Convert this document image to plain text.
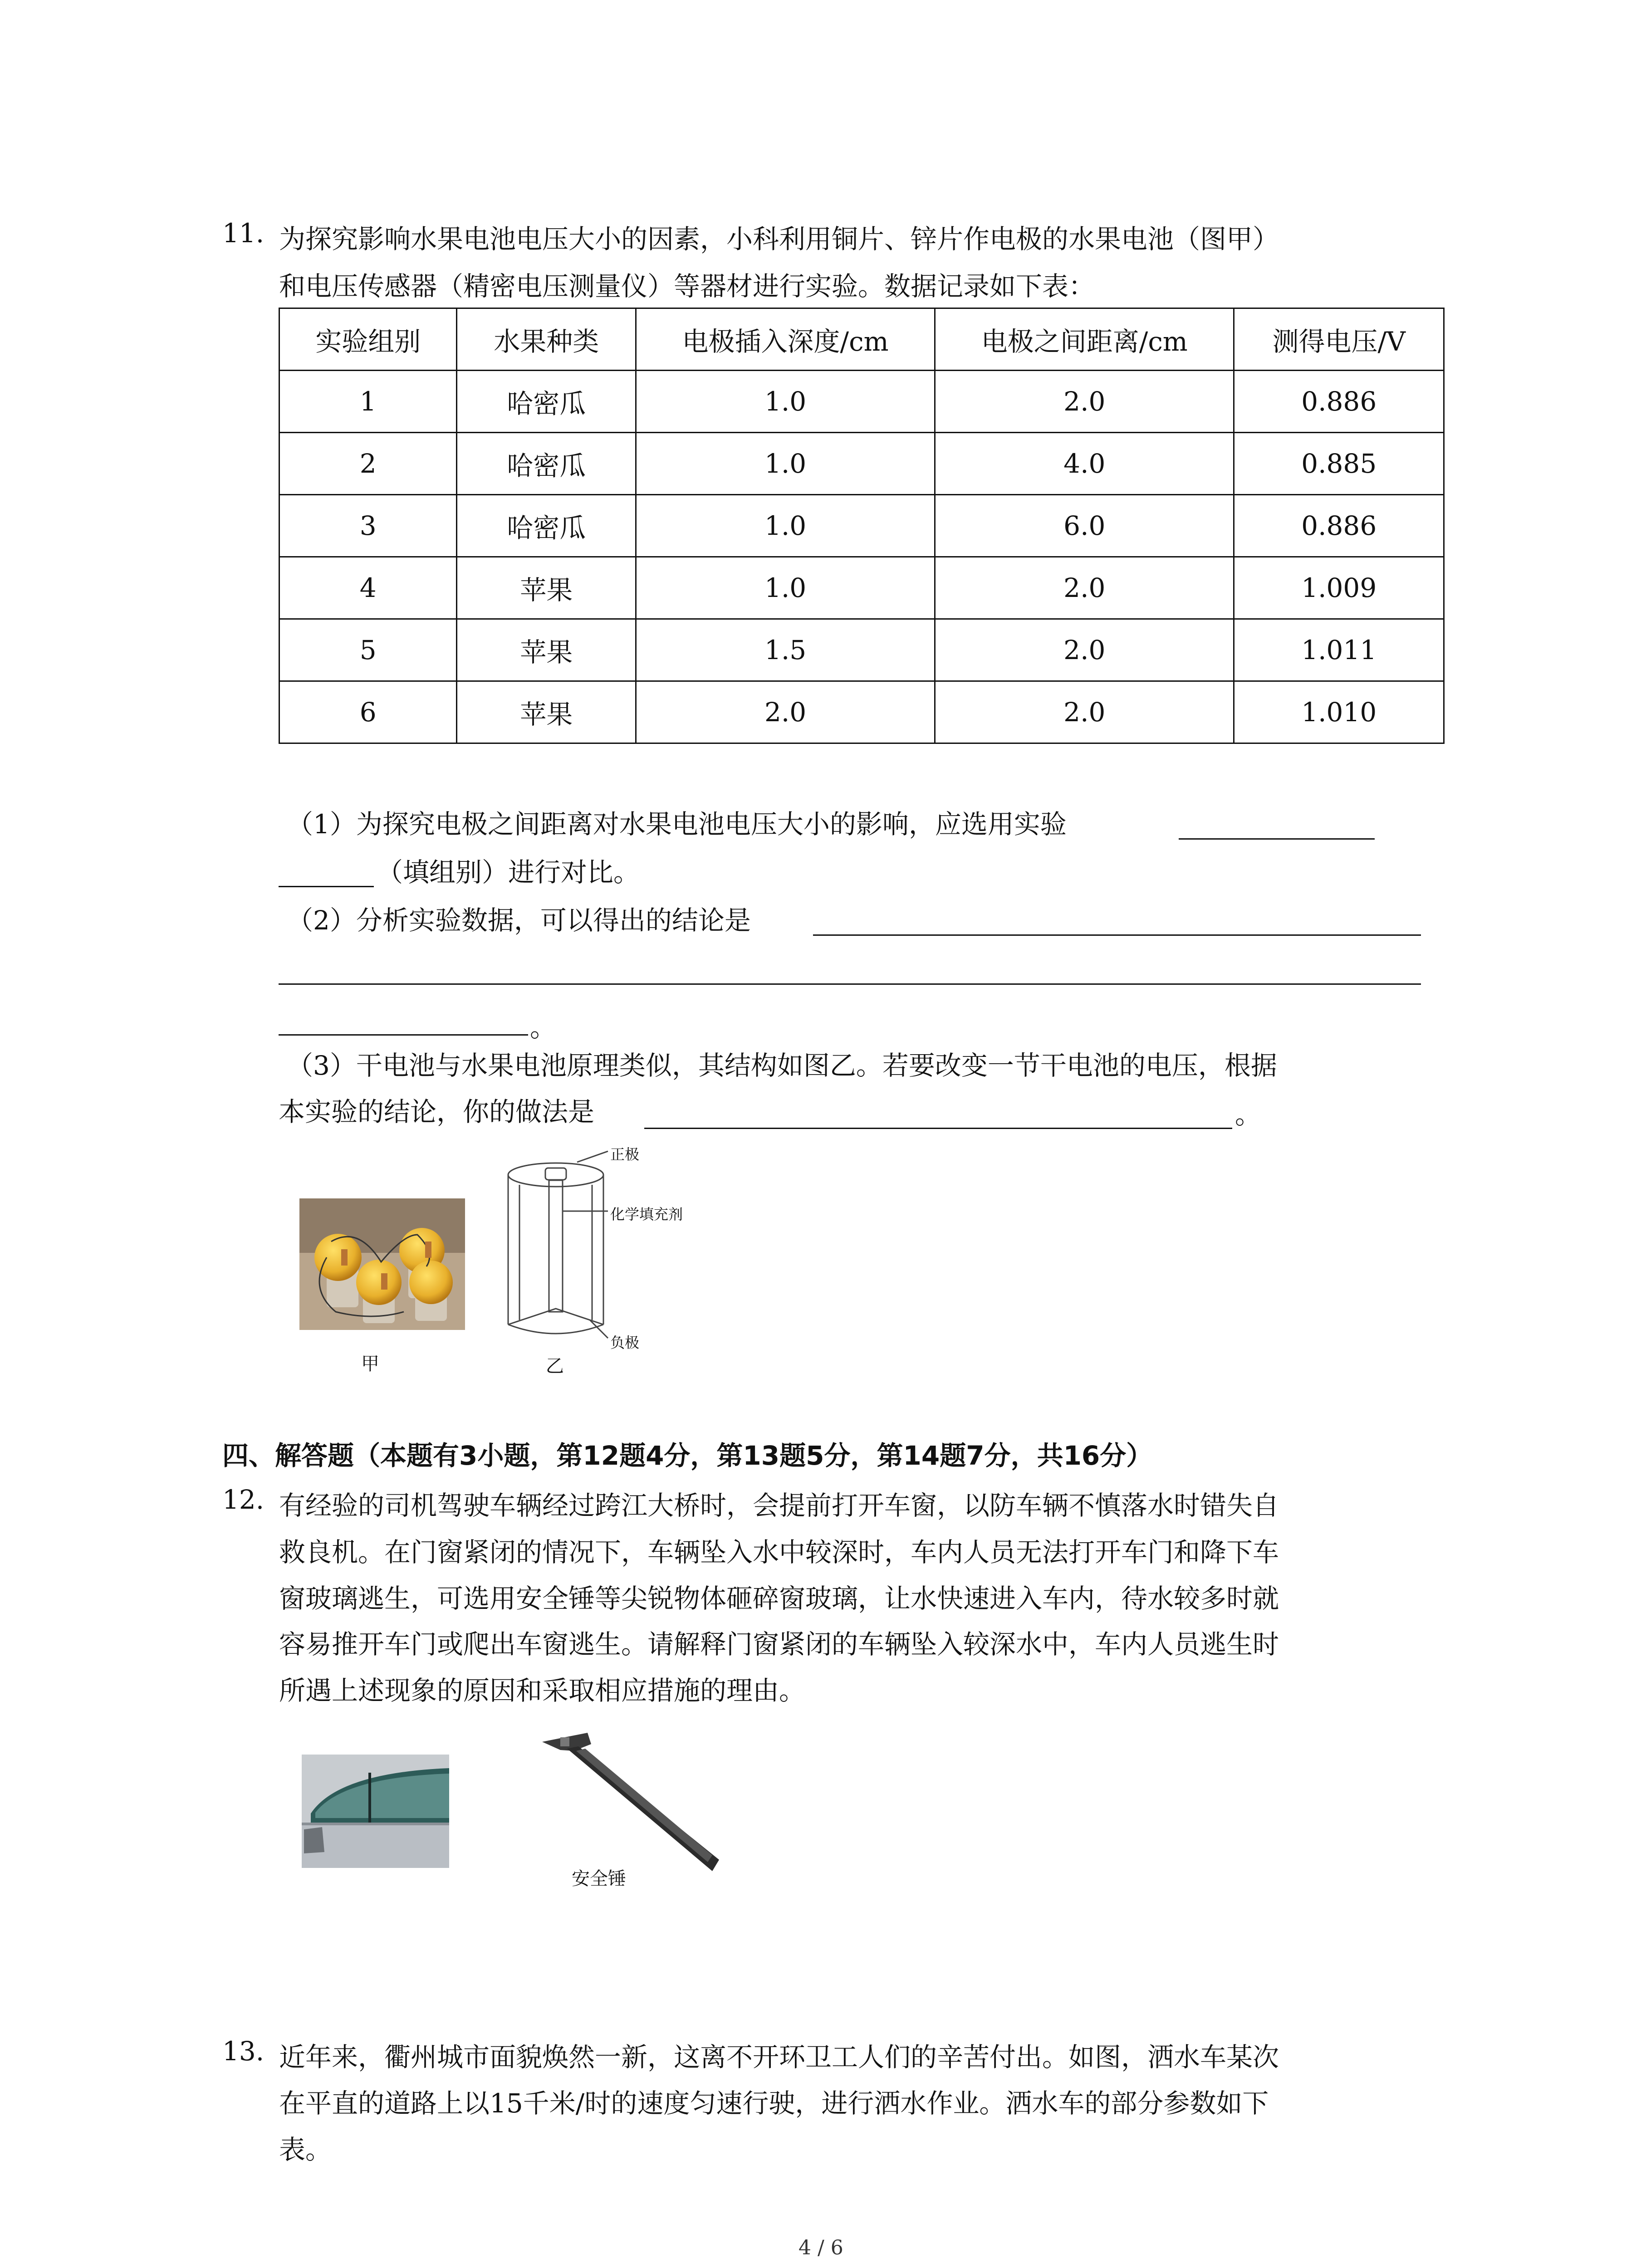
11. 为探究影响水果电池电压大小的因素，小科利用铜片、锌片作电极的水果电池（图甲）
和电压传感器（精密电压测量仪）等器材进行实验。数据记录如下表：
实验组别	水果种类	电极插入深度/cm	电极之间距离/cm	测得电压/V
1	哈密瓜	1.0	2.0	0.886
2	哈密瓜	1.0	4.0	0.885
3	哈密瓜	1.0	6.0	0.886
4	苹果	1.0	2.0	1.009
5	苹果	1.5	2.0	1.011
6	苹果	2.0	2.0	1.010
（1）为探究电极之间距离对水果电池电压大小的影响，应选用实验
（填组别）进行对比。
（2）分析实验数据，可以得出的结论是
。
（3）干电池与水果电池原理类似，其结构如图乙。若要改变一节干电池的电压，根据
本实验的结论，你的做法是	。
甲
正极
化学填充剂
负极
乙
四、解答题（本题有3小题，第12题4分，第13题5分，第14题7分，共16分）
12. 有经验的司机驾驶车辆经过跨江大桥时，会提前打开车窗，以防车辆不慎落水时错失自
救良机。在门窗紧闭的情况下，车辆坠入水中较深时，车内人员无法打开车门和降下车
窗玻璃逃生，可选用安全锤等尖锐物体砸碎窗玻璃，让水快速进入车内，待水较多时就
容易推开车门或爬出车窗逃生。请解释门窗紧闭的车辆坠入较深水中，车内人员逃生时
所遇上述现象的原因和采取相应措施的理由。
安全锤
13. 近年来，衢州城市面貌焕然一新，这离不开环卫工人们的辛苦付出。如图，洒水车某次
在平直的道路上以15千米/时的速度匀速行驶，进行洒水作业。洒水车的部分参数如下
表。
4 / 6
